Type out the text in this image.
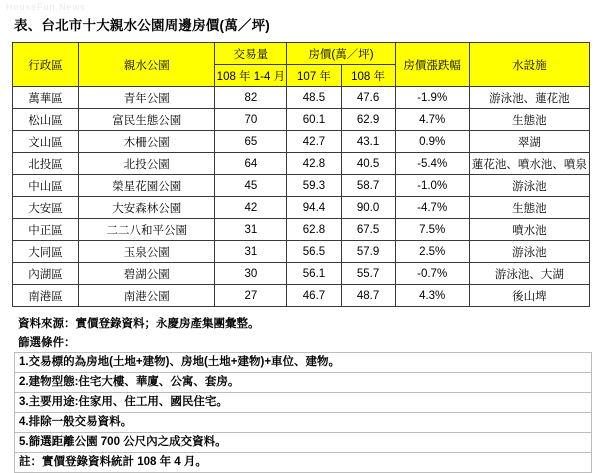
HouseFun.News
表、台北市十大親水公園周邊房價(萬／坪)
行政區	親水公園	交易量	房價(萬／坪)		房價漲跌幅	水設施
		108 年 1-4 月	107 年	108 年		
萬華區	青年公園	82	48.5	47.6	-1.9%	游泳池、蓮花池
松山區	富民生態公園	70	60.1	62.9	4.7%	生態池
文山區	木柵公園	65	42.7	43.1	0.9%	翠湖
北投區	北投公園	64	42.8	40.5	-5.4%	蓮花池、噴水池、噴泉
中山區	榮星花園公園	45	59.3	58.7	-1.0%	游泳池
大安區	大安森林公園	42	94.4	90.0	-4.7%	生態池
中正區	二二八和平公園	31	62.8	67.5	7.5%	噴水池
大同區	玉泉公園	31	56.5	57.9	2.5%	游泳池
內湖區	碧湖公園	30	56.1	55.7	-0.7%	游泳池、大湖
南港區	南港公園	27	46.7	48.7	4.3%	後山埤
資料來源：實價登錄資料；永慶房產集團彙整。
篩選條件：
1.交易標的為房地(土地+建物)、房地(土地+建物)+車位、建物。
2.建物型態:住宅大樓、華廈、公寓、套房。
3.主要用途:住家用、住工用、國民住宅。
4.排除一般交易資料。
5.篩選距離公園 700 公尺內之成交資料。
註：實價登錄資料統計 108 年 4 月。
